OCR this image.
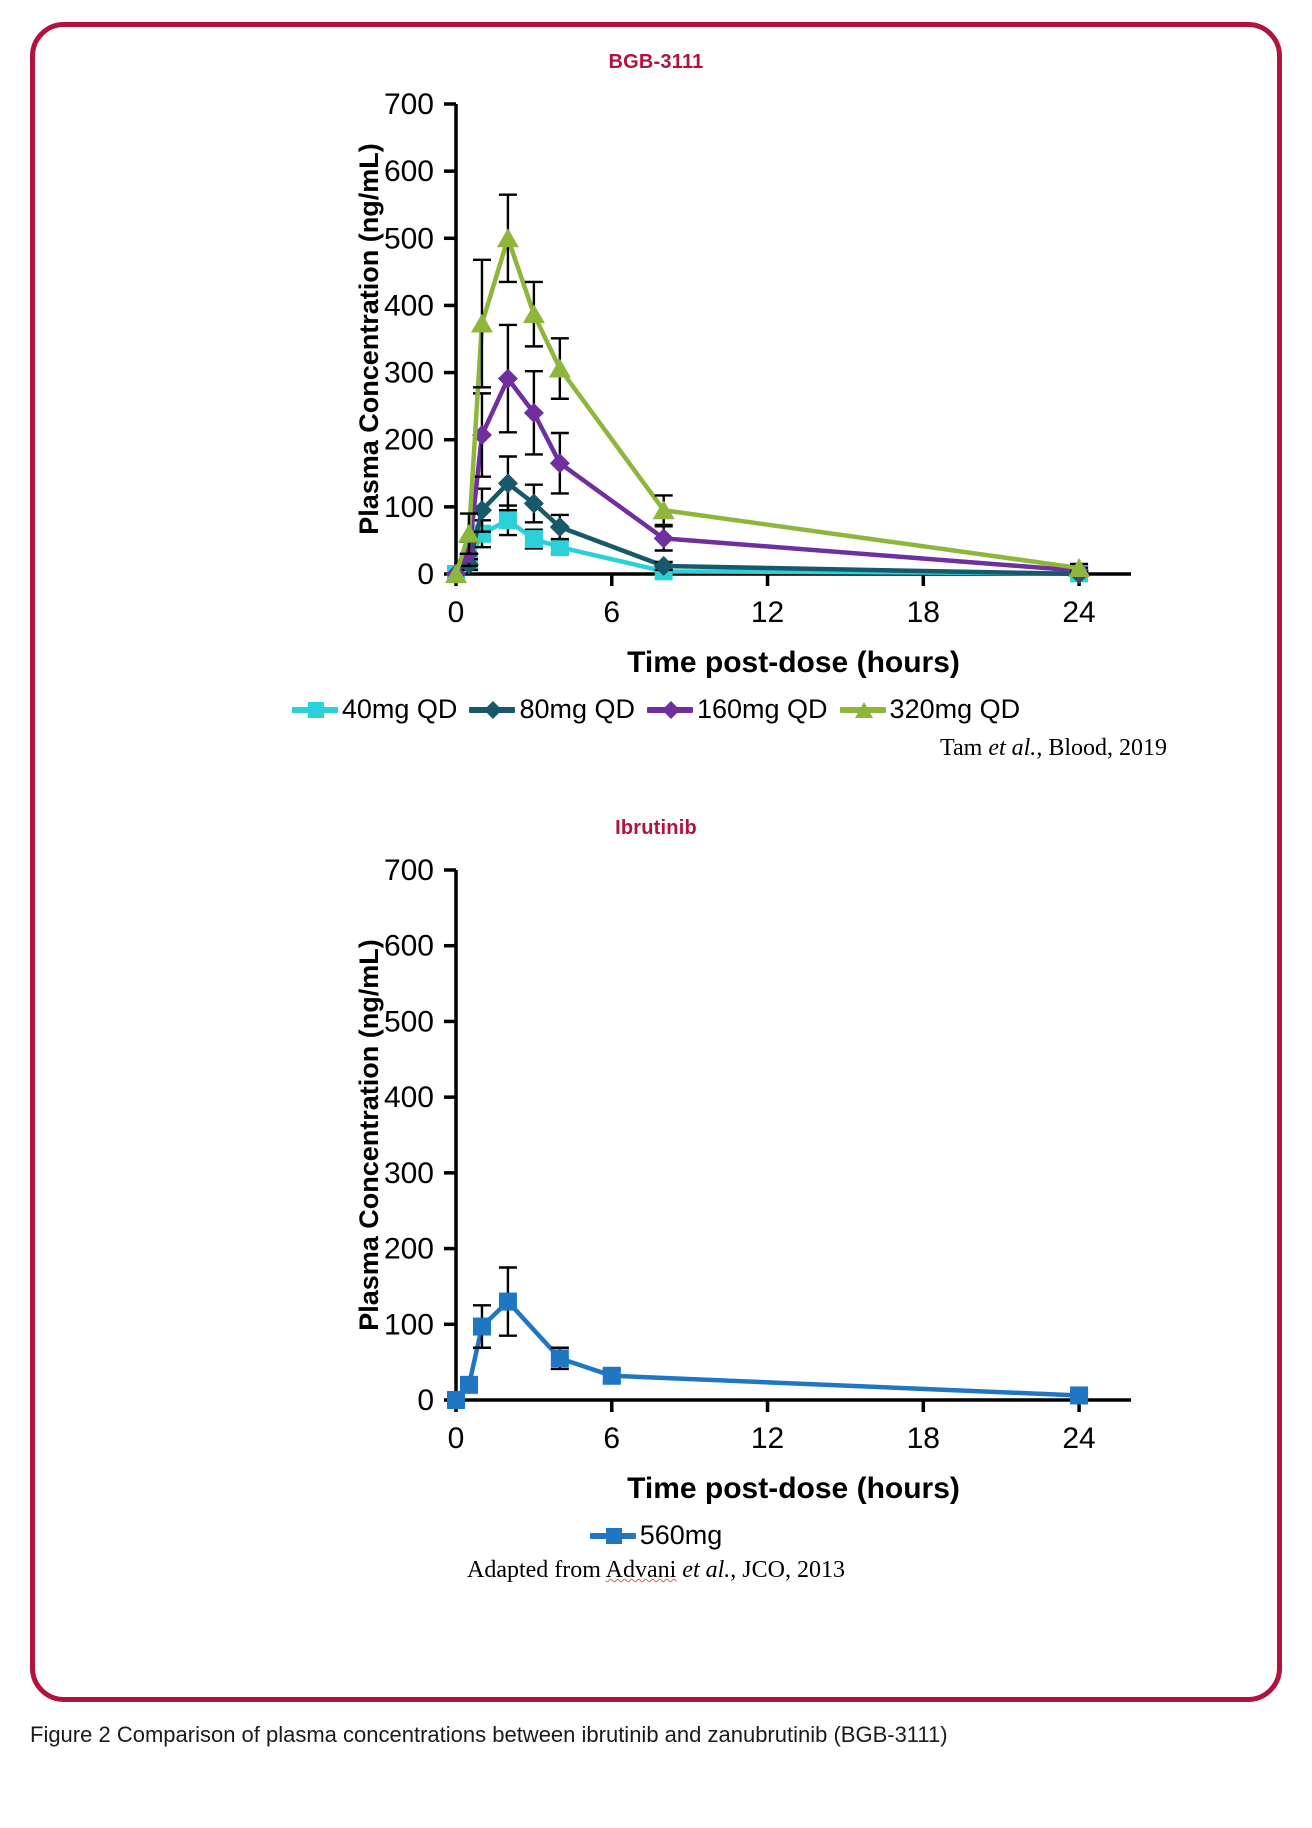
BGB-3111
0
100
200
300
400
500
600
700
0	6	12	18	24
Plasma Concentration (ng/mL)
Time post-dose (hours)
40mg QD 80mg QD 160mg QD 320mg QD
Tam et al., Blood, 2019
Ibrutinib
0
100
200
300
400
500
600
700
0	6	12	18	24
Plasma Concentration (ng/mL)
Time post-dose (hours)
560mg
Adapted from Advani et al., JCO, 2013
Figure 2 Comparison of plasma concentrations between ibrutinib and zanubrutinib (BGB-3111)
